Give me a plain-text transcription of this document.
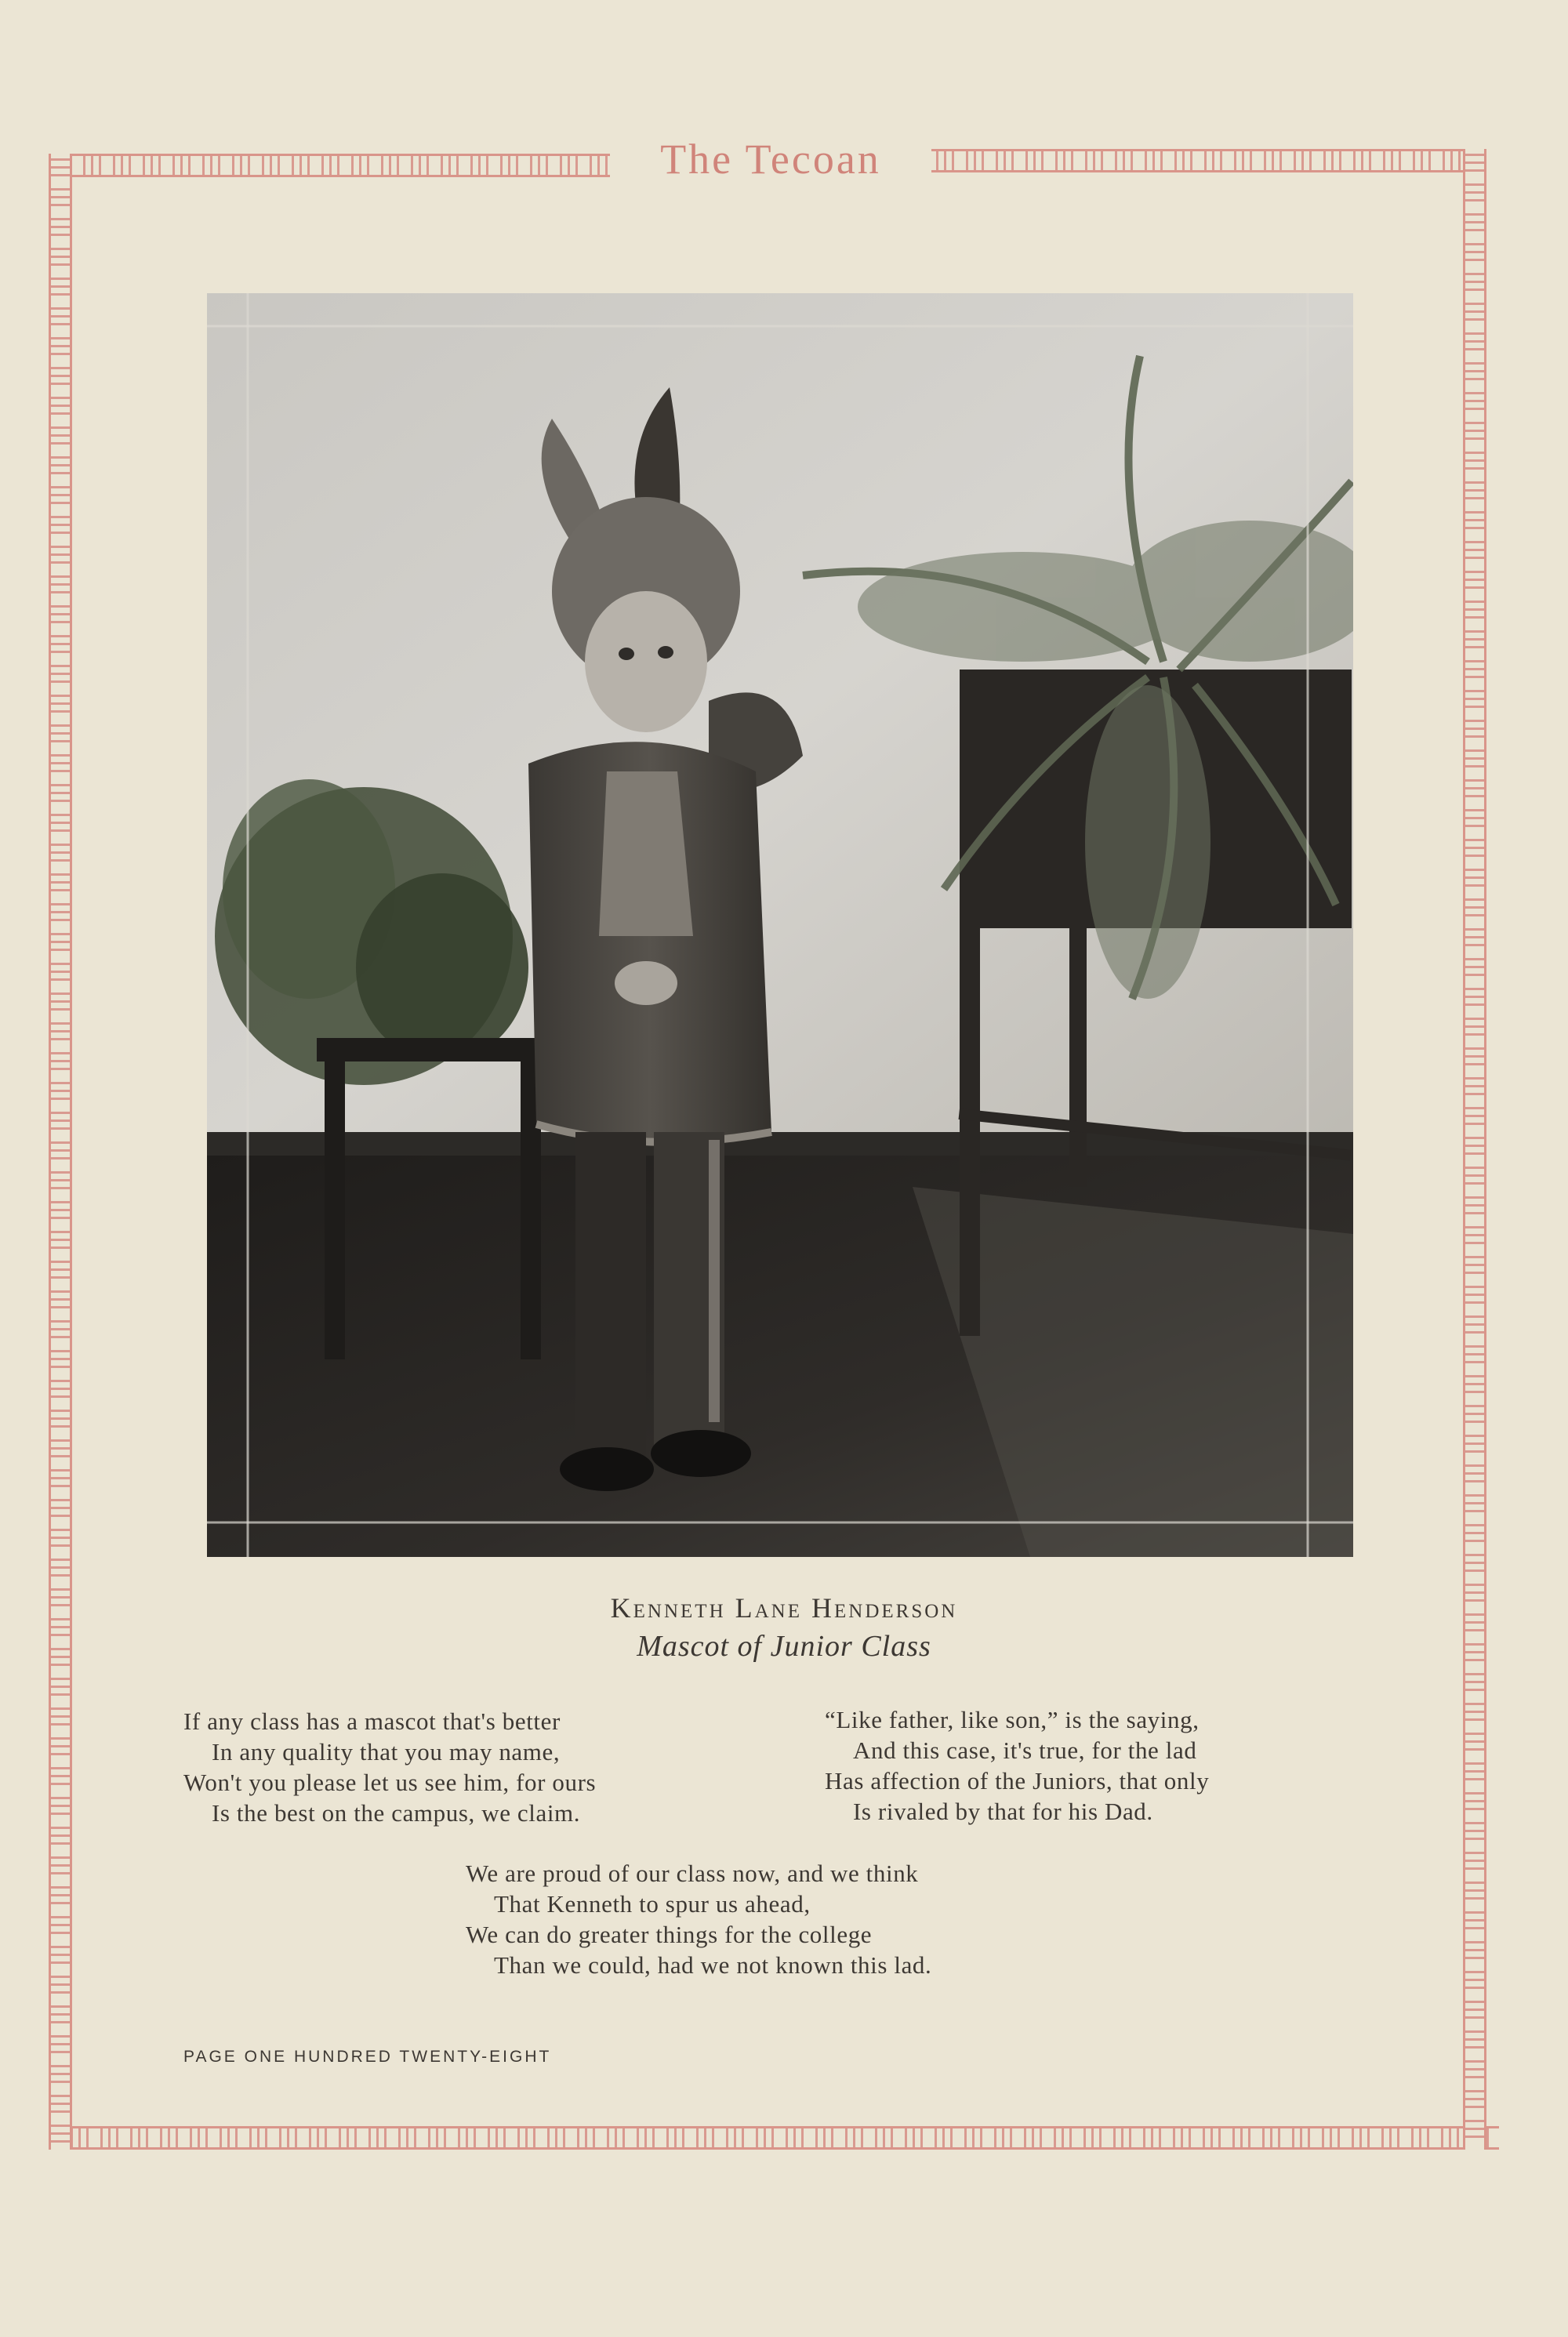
The Tecoan
Kenneth Lane Henderson
Mascot of Junior Class
If any class has a mascot that's better
In any quality that you may name,
Won't you please let us see him, for ours
Is the best on the campus, we claim.
“Like father, like son,” is the saying,
And this case, it's true, for the lad
Has affection of the Juniors, that only
Is rivaled by that for his Dad.
We are proud of our class now, and we think
That Kenneth to spur us ahead,
We can do greater things for the college
Than we could, had we not known this lad.
PAGE ONE HUNDRED TWENTY-EIGHT
